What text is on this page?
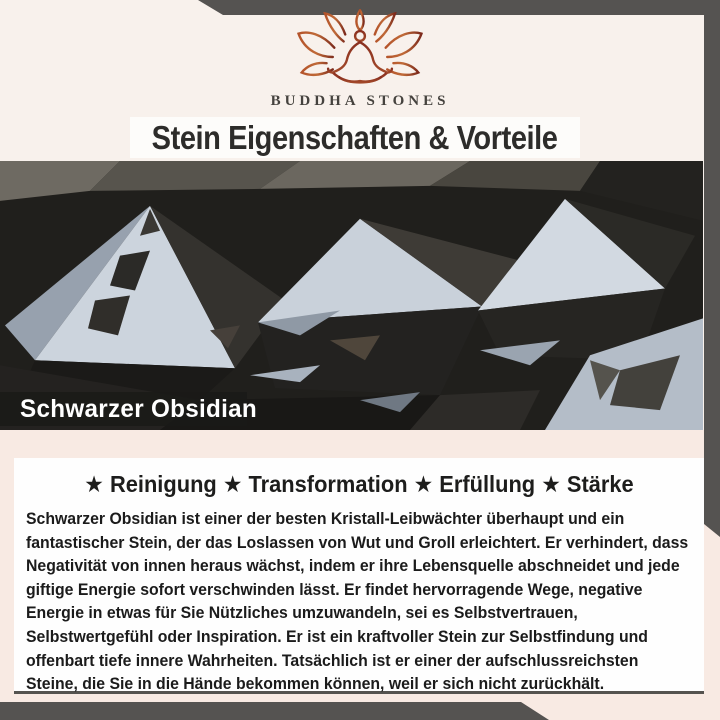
BUDDHA STONES
Stein Eigenschaften & Vorteile
Schwarzer Obsidian
★ Reinigung ★ Transformation ★ Erfüllung ★ Stärke
Schwarzer Obsidian ist einer der besten Kristall-Leibwächter überhaupt und ein fantastischer Stein, der das Loslassen von Wut und Groll erleichtert. Er verhindert, dass Negativität von innen heraus wächst, indem er ihre Lebensquelle abschneidet und jede giftige Energie sofort verschwinden lässt. Er findet hervorragende Wege, negative Energie in etwas für Sie Nützliches umzuwandeln, sei es Selbstvertrauen, Selbstwertgefühl oder Inspiration. Er ist ein kraftvoller Stein zur Selbstfindung und offenbart tiefe innere Wahrheiten. Tatsächlich ist er einer der aufschlussreichsten Steine, die Sie in die Hände bekommen können, weil er sich nicht zurückhält.
